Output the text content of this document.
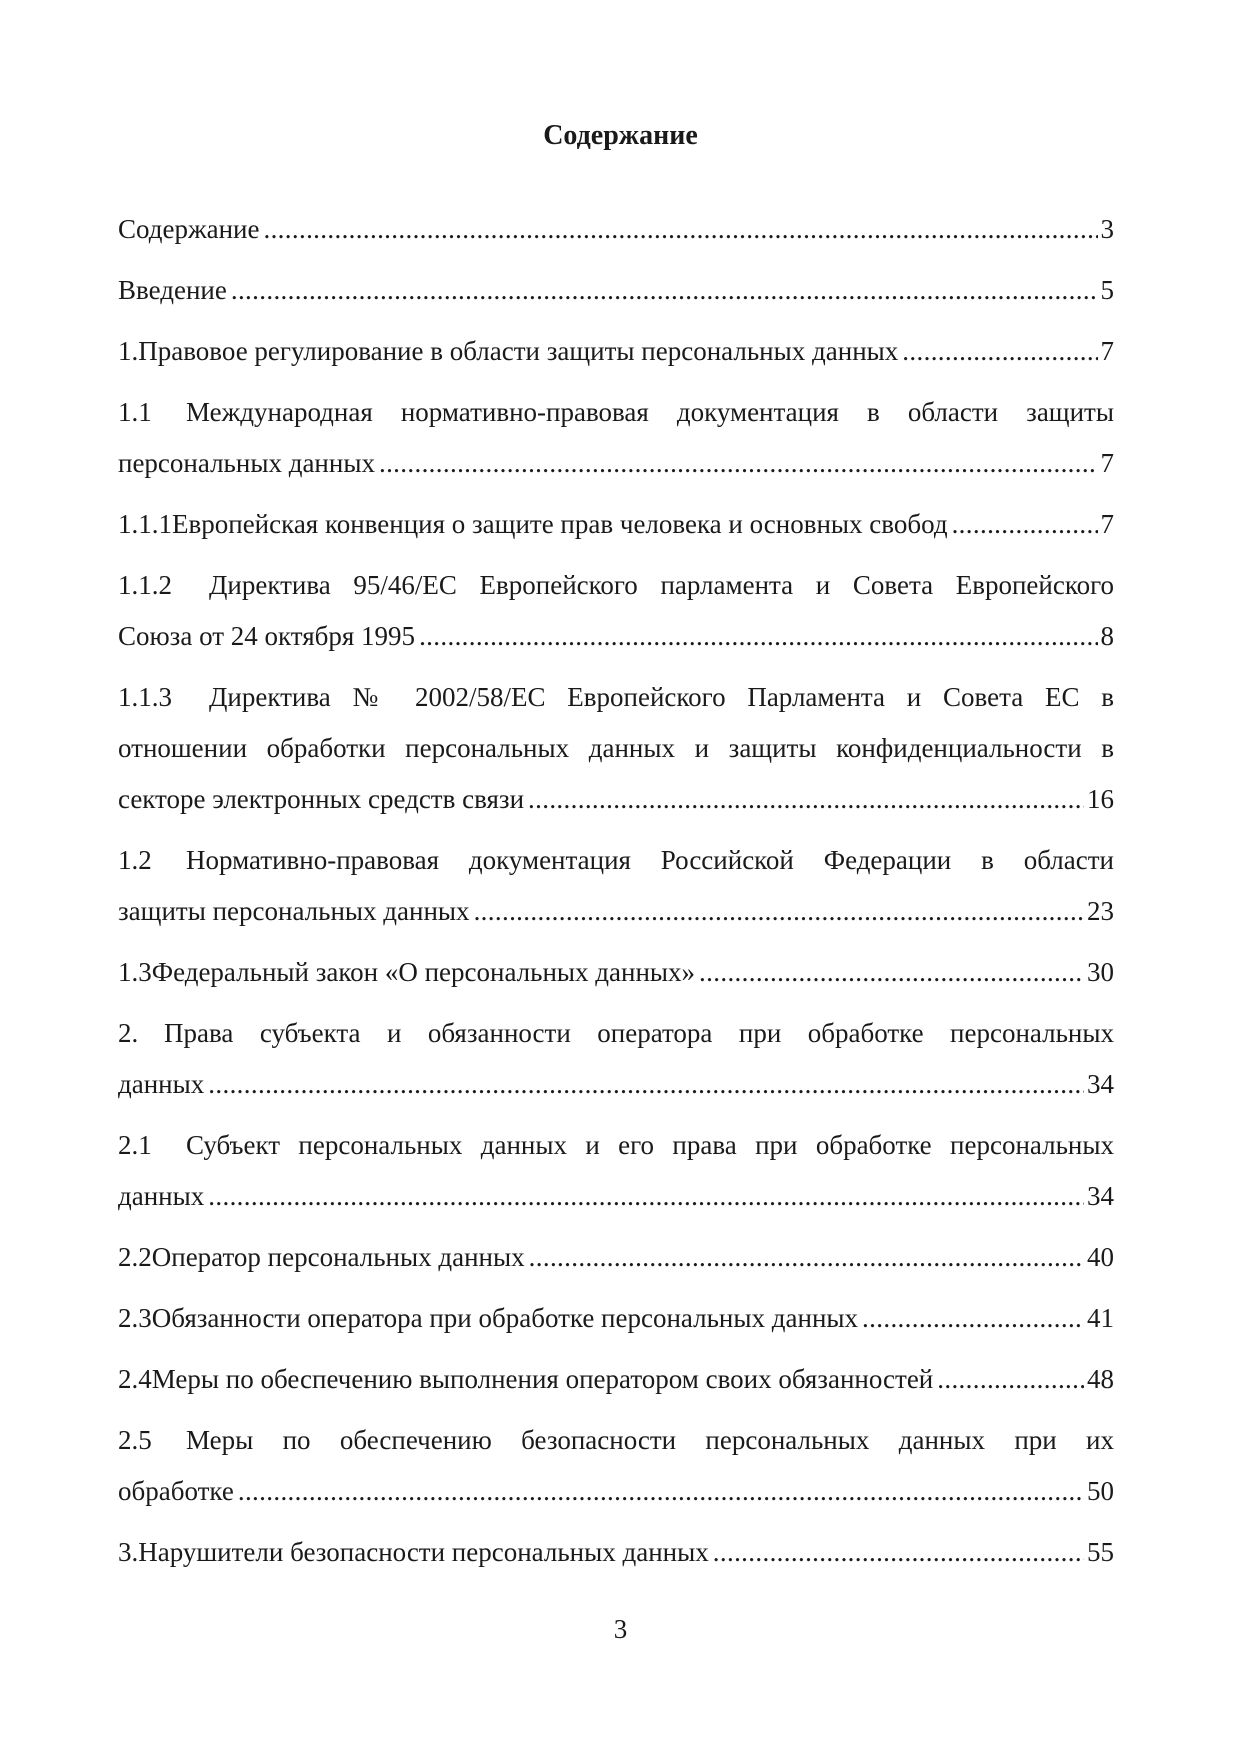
Содержание
Содержание . . .	3
Введение . . .	5
1. Правовое регулирование в области защиты персональных данных . . .	7
1.1 Международная нормативно-правовая документация в области защиты
персональных данных . . .	7
1.1.1 Европейская конвенция о защите прав человека и основных свобод . . .	7
1.1.2 Директива 95/46/ЕС Европейского парламента и Совета Европейского
Союза от 24 октября 1995 . . .	8
1.1.3 Директива № 2002/58/ЕС Европейского Парламента и Совета ЕС в
отношении обработки персональных данных и защиты конфиденциальности в
секторе электронных средств связи . . .	16
1.2 Нормативно-правовая документация Российской Федерации в области
защиты персональных данных . . .	23
1.3 Федеральный закон «О персональных данных» . . .	30
2. Права субъекта и обязанности оператора при обработке персональных
данных . . .	34
2.1 Субъект персональных данных и его права при обработке персональных
данных . . .	34
2.2 Оператор персональных данных . . .	40
2.3 Обязанности оператора при обработке персональных данных . . .	41
2.4 Меры по обеспечению выполнения оператором своих обязанностей . . .	48
2.5 Меры по обеспечению безопасности персональных данных при их
обработке . . .	50
3. Нарушители безопасности персональных данных . . .	55
3
